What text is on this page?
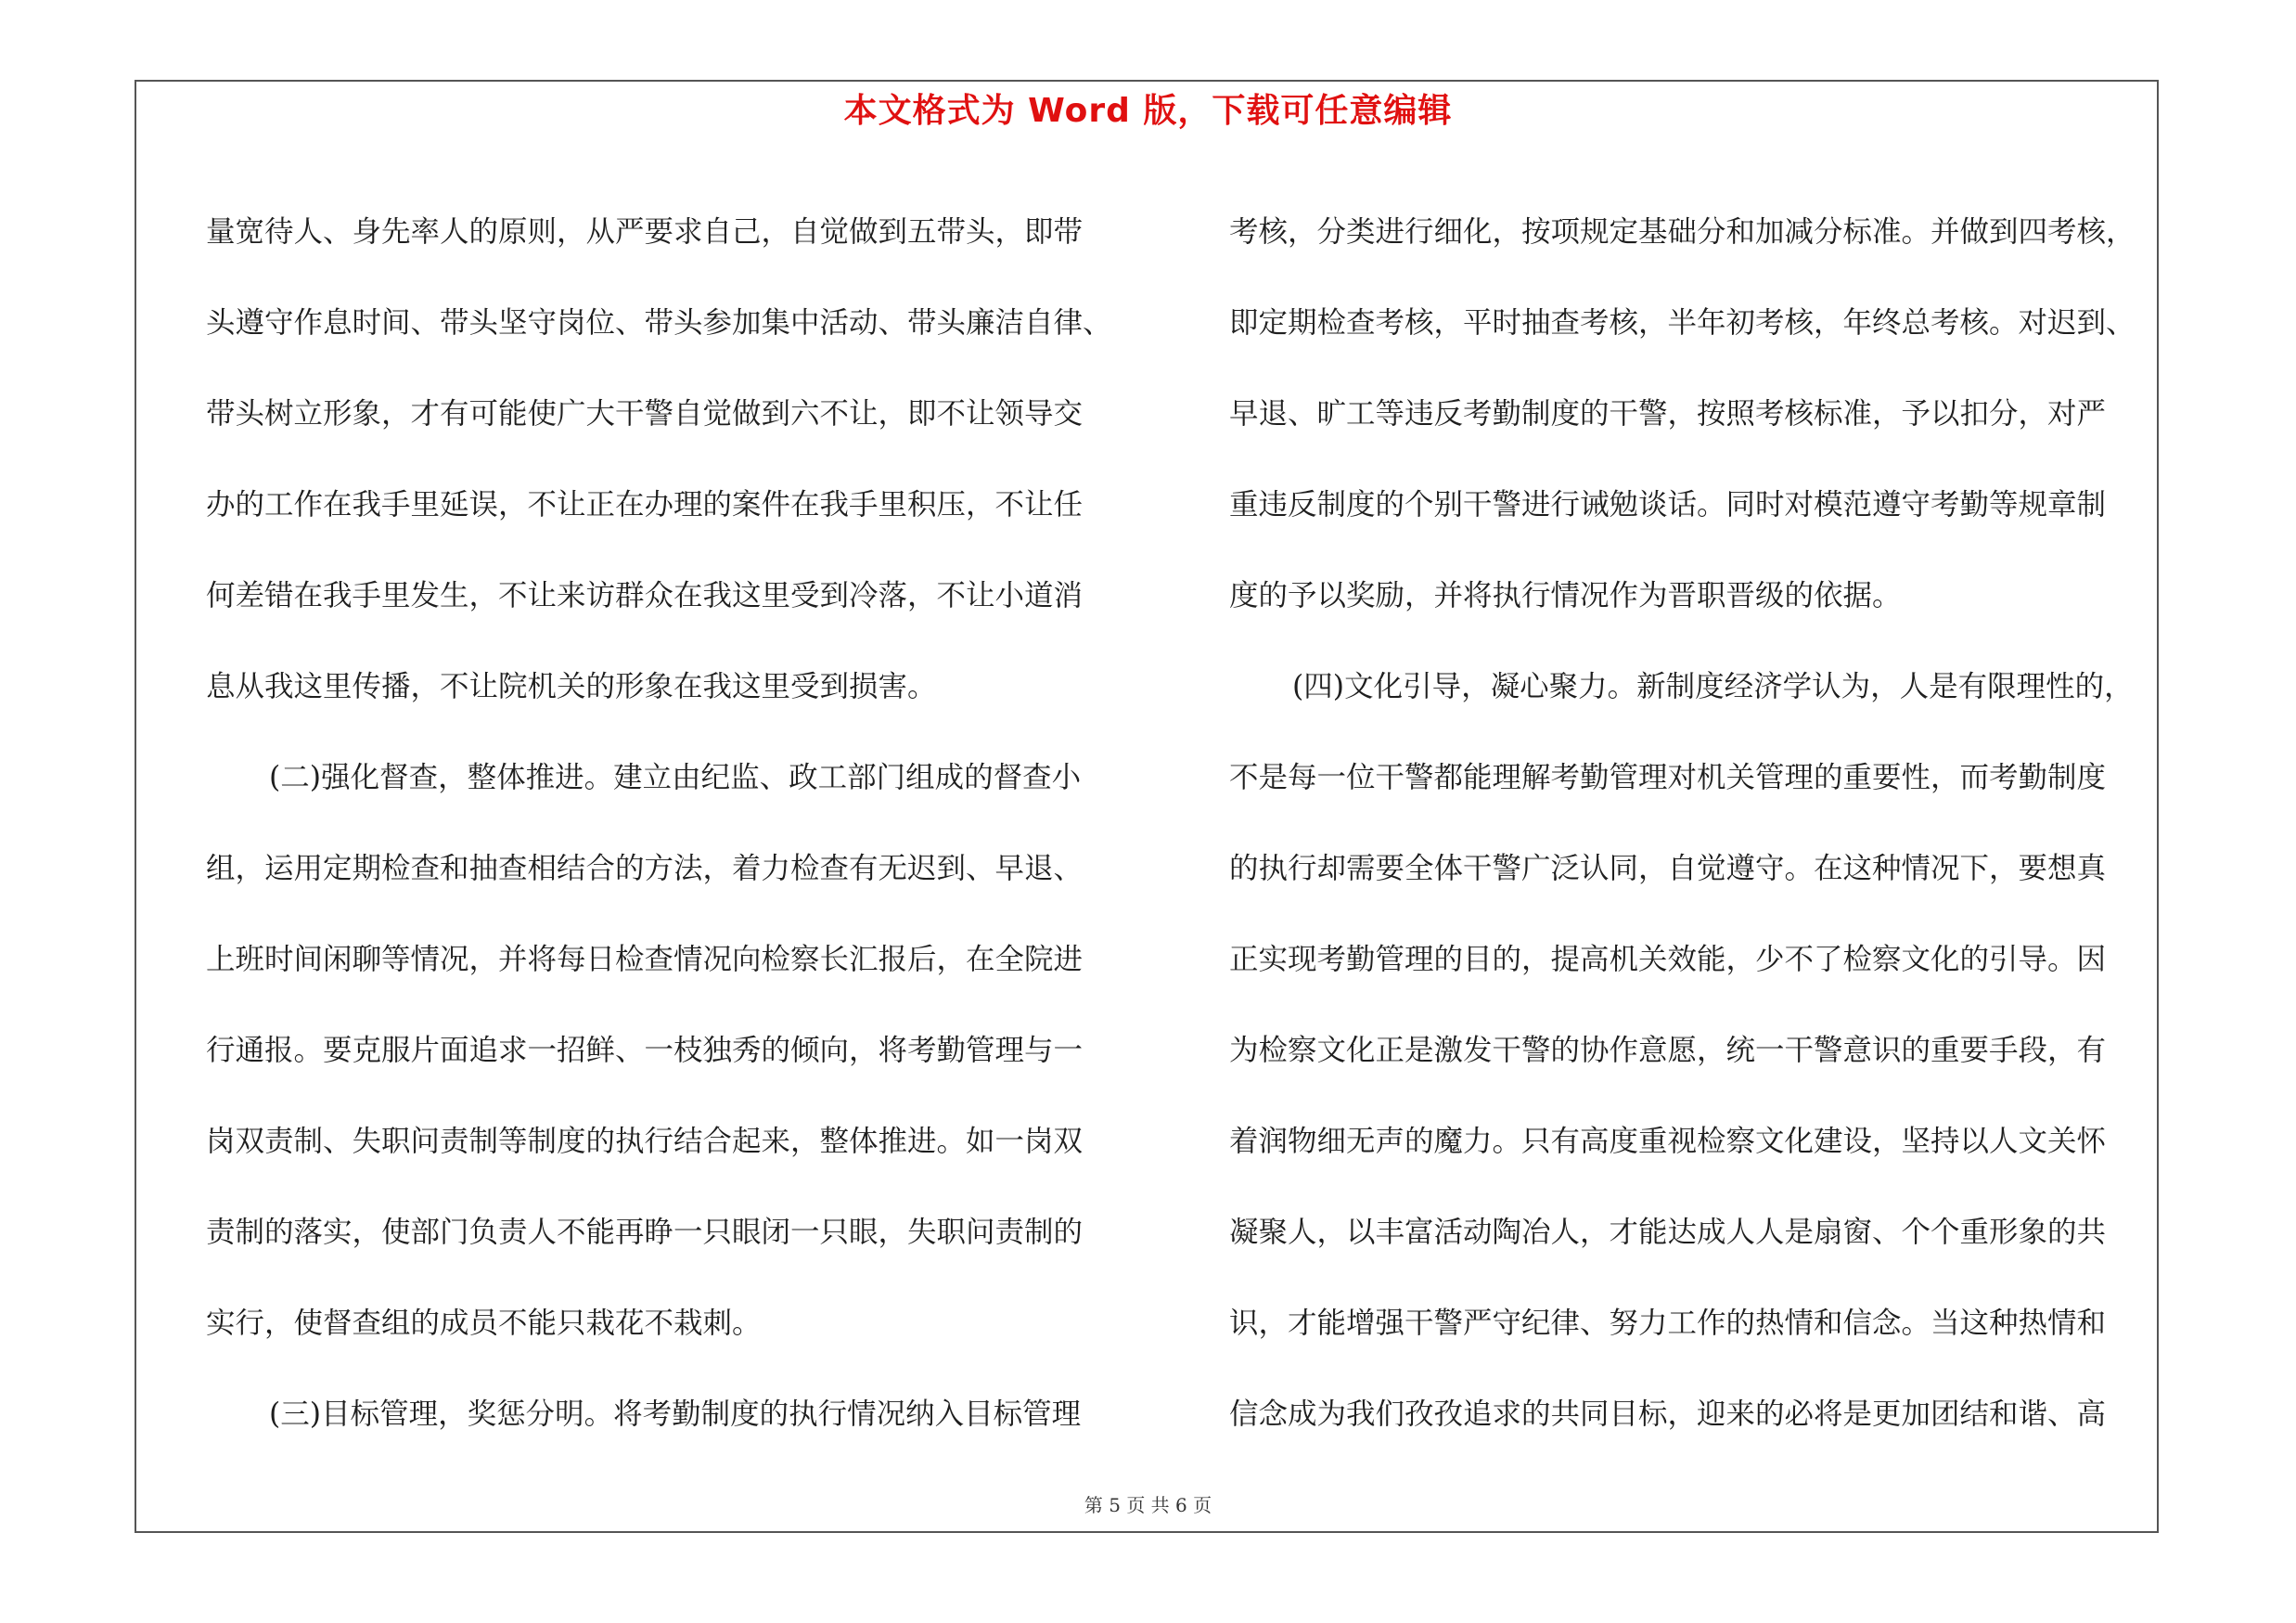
本文格式为 Word 版，下载可任意编辑
量宽待人、身先率人的原则，从严要求自己，自觉做到五带头，即带
头遵守作息时间、带头坚守岗位、带头参加集中活动、带头廉洁自律、
带头树立形象，才有可能使广大干警自觉做到六不让，即不让领导交
办的工作在我手里延误，不让正在办理的案件在我手里积压，不让任
何差错在我手里发生，不让来访群众在我这里受到冷落，不让小道消
息从我这里传播，不让院机关的形象在我这里受到损害。
(二)强化督查，整体推进。建立由纪监、政工部门组成的督查小
组，运用定期检查和抽查相结合的方法，着力检查有无迟到、早退、
上班时间闲聊等情况，并将每日检查情况向检察长汇报后，在全院进
行通报。要克服片面追求一招鲜、一枝独秀的倾向，将考勤管理与一
岗双责制、失职问责制等制度的执行结合起来，整体推进。如一岗双
责制的落实，使部门负责人不能再睁一只眼闭一只眼，失职问责制的
实行，使督查组的成员不能只栽花不栽刺。
(三)目标管理，奖惩分明。将考勤制度的执行情况纳入目标管理
考核，分类进行细化，按项规定基础分和加减分标准。并做到四考核，
即定期检查考核，平时抽查考核，半年初考核，年终总考核。对迟到、
早退、旷工等违反考勤制度的干警，按照考核标准，予以扣分，对严
重违反制度的个别干警进行诫勉谈话。同时对模范遵守考勤等规章制
度的予以奖励，并将执行情况作为晋职晋级的依据。
(四)文化引导，凝心聚力。新制度经济学认为，人是有限理性的，
不是每一位干警都能理解考勤管理对机关管理的重要性，而考勤制度
的执行却需要全体干警广泛认同，自觉遵守。在这种情况下，要想真
正实现考勤管理的目的，提高机关效能，少不了检察文化的引导。因
为检察文化正是激发干警的协作意愿，统一干警意识的重要手段，有
着润物细无声的魔力。只有高度重视检察文化建设，坚持以人文关怀
凝聚人，以丰富活动陶冶人，才能达成人人是扇窗、个个重形象的共
识，才能增强干警严守纪律、努力工作的热情和信念。当这种热情和
信念成为我们孜孜追求的共同目标，迎来的必将是更加团结和谐、高
第 5 页 共 6 页
